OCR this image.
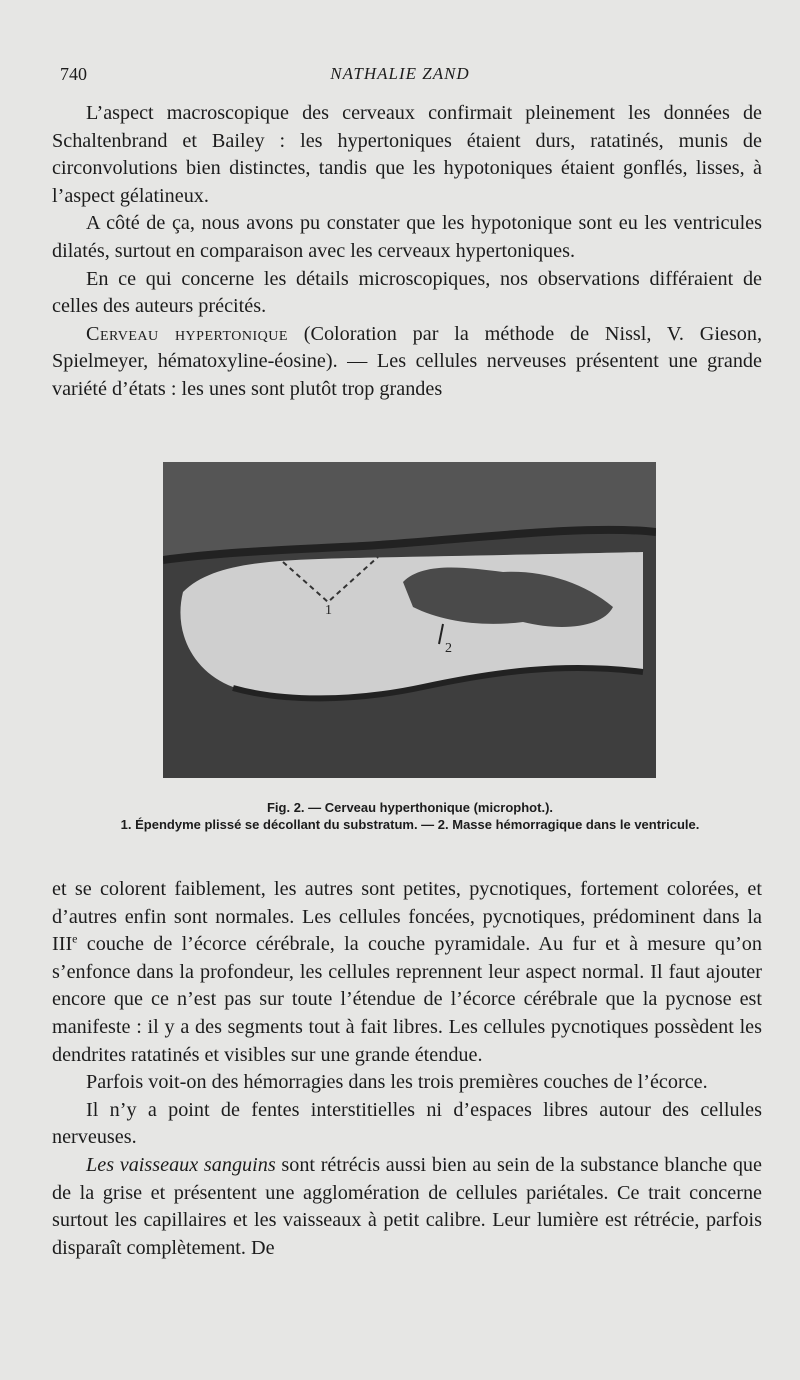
740	NATHALIE ZAND

L’aspect macroscopique des cerveaux confirmait pleinement les données de Schaltenbrand et Bailey : les hypertoniques étaient durs, ratatinés, munis de circonvolutions bien distinctes, tandis que les hypotoniques étaient gonflés, lisses, à l’aspect gélatineux.

A côté de ça, nous avons pu constater que les hypotonique sont eu les ventricules dilatés, surtout en comparaison avec les cerveaux hypertoniques.

En ce qui concerne les détails microscopiques, nos observations différaient de celles des auteurs précités.

Cerveau hypertonique (Coloration par la méthode de Nissl, V. Gieson, Spielmeyer, hématoxyline-éosine). — Les cellules nerveuses présentent une grande variété d’états : les unes sont plutôt trop grandes

1
2
Fig. 2. — Cerveau hyperthonique (microphot.).
1. Épendyme plissé se décollant du substratum. — 2. Masse hémorragique dans le ventricule.

et se colorent faiblement, les autres sont petites, pycnotiques, fortement colorées, et d’autres enfin sont normales. Les cellules foncées, pycnotiques, prédominent dans la IIIe couche de l’écorce cérébrale, la couche pyramidale. Au fur et à mesure qu’on s’enfonce dans la profondeur, les cellules reprennent leur aspect normal. Il faut ajouter encore que ce n’est pas sur toute l’étendue de l’écorce cérébrale que la pycnose est manifeste : il y a des segments tout à fait libres. Les cellules pycnotiques possèdent les dendrites ratatinés et visibles sur une grande étendue.

Parfois voit-on des hémorragies dans les trois premières couches de l’écorce.

Il n’y a point de fentes interstitielles ni d’espaces libres autour des cellules nerveuses.

Les vaisseaux sanguins sont rétrécis aussi bien au sein de la substance blanche que de la grise et présentent une agglomération de cellules pariétales. Ce trait concerne surtout les capillaires et les vaisseaux à petit calibre. Leur lumière est rétrécie, parfois disparaît complètement. De
